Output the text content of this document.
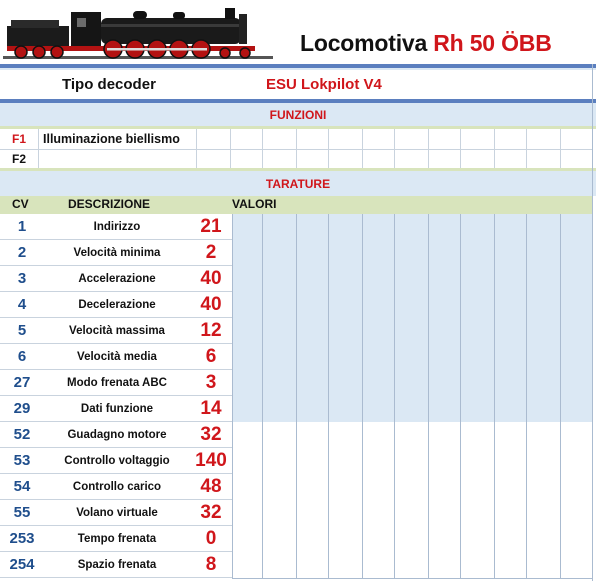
Locomotiva Rh 50 ÖBB
Tipo decoder	ESU Lokpilot V4
FUNZIONI
F1	Illuminazione biellismo
F2
TARATURE
CV	DESCRIZIONE	VALORI
1	Indirizzo	21
2	Velocità minima	2
3	Accelerazione	40
4	Decelerazione	40
5	Velocità massima	12
6	Velocità media	6
27	Modo frenata ABC	3
29	Dati funzione	14
52	Guadagno motore	32
53	Controllo voltaggio	140
54	Controllo carico	48
55	Volano virtuale	32
253	Tempo frenata	0
254	Spazio frenata	8
